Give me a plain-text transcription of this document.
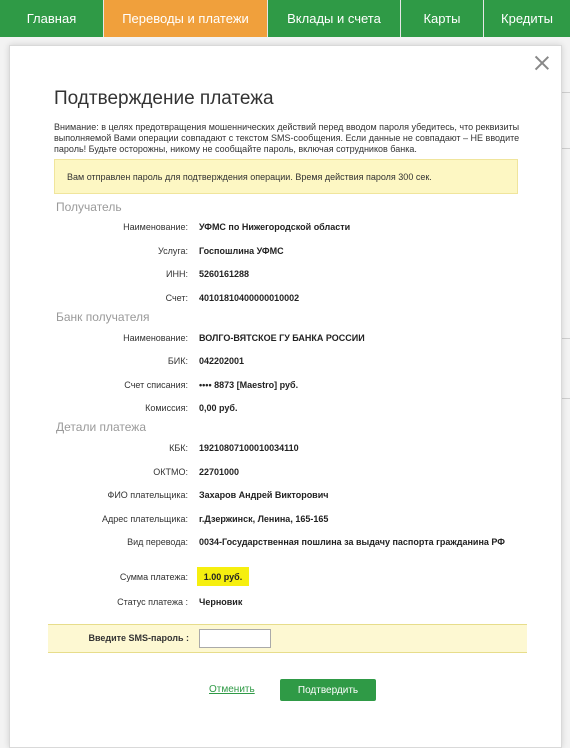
Главная	Переводы и платежи	Вклады и счета	Карты	Кредиты
Подтверждение платежа
Внимание: в целях предотвращения мошеннических действий перед вводом пароля убедитесь, что реквизиты выполняемой Вами операции совпадают с текстом SMS-сообщения. Если данные не совпадают – НЕ вводите пароль! Будьте осторожны, никому не сообщайте пароль, включая сотрудников банка.
Вам отправлен пароль для подтверждения операции. Время действия пароля 300 сек.
Получатель
Наименование: УФМС по Нижегородской области
Услуга: Госпошлина УФМС
ИНН: 5260161288
Счет: 40101810400000010002
Банк получателя
Наименование: ВОЛГО-ВЯТСКОЕ ГУ БАНКА РОССИИ
БИК: 042202001
Счет списания: •••• 8873 [Maestro] руб.
Комиссия: 0,00 руб.
Детали платежа
КБК: 19210807100010034110
ОКТМО: 22701000
ФИО плательщика: Захаров Андрей Викторович
Адрес плательщика: г.Дзержинск, Ленина, 165-165
Вид перевода: 0034-Государственная пошлина за выдачу паспорта гражданина РФ
Сумма платежа:	1.00 руб.
Статус платежа : Черновик
Введите SMS-пароль :
Отменить	Подтвердить
